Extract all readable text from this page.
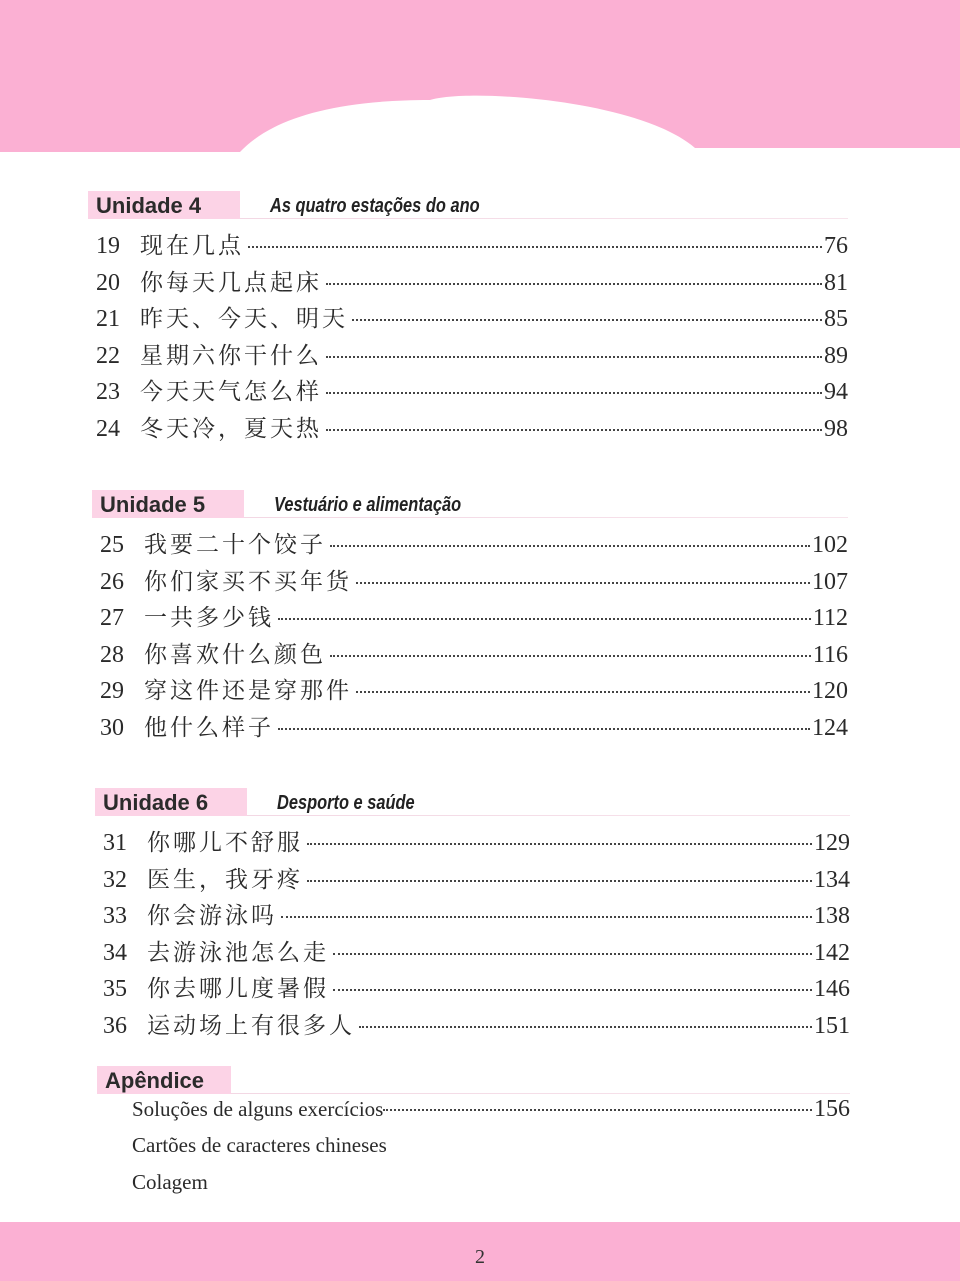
Unidade 4	As quatro estações do ano
19 现在几点	76
20 你每天几点起床	81
21 昨天、今天、明天	85
22 星期六你干什么	89
23 今天天气怎么样	94
24 冬天冷，夏天热	98
Unidade 5	Vestuário e alimentação
25 我要二十个饺子	102
26 你们家买不买年货	107
27 一共多少钱	112
28 你喜欢什么颜色	116
29 穿这件还是穿那件	120
30 他什么样子	124
Unidade 6	Desporto e saúde
31 你哪儿不舒服	129
32 医生，我牙疼	134
33 你会游泳吗	138
34 去游泳池怎么走	142
35 你去哪儿度暑假	146
36 运动场上有很多人	151
Apêndice
Soluções de alguns exercícios	156
Cartões de caracteres chineses
Colagem
2
